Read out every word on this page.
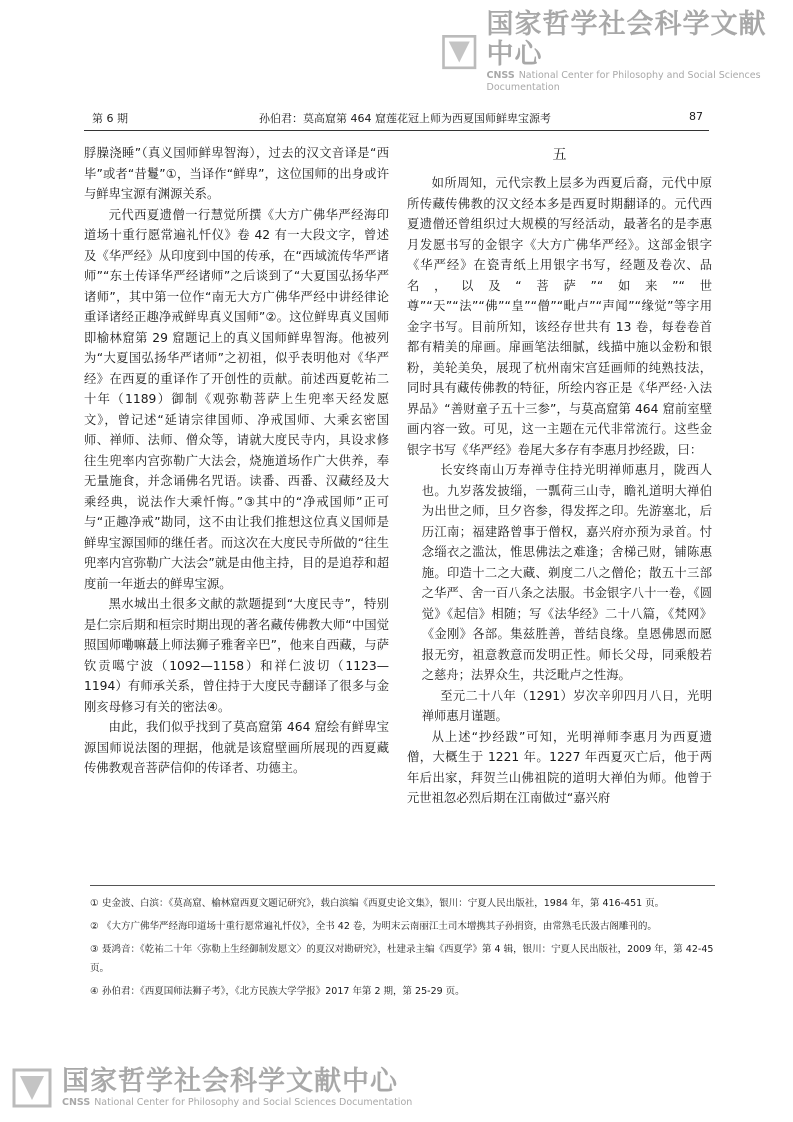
国家哲学社会科学文献中心
CNSS National Center for Philosophy and Social Sciences Documentation
第 6 期	孙伯君：莫高窟第 464 窟莲花冠上师为西夏国师鲜卑宝源考	87

脬臊浇睡”（真义国师鲜卑智海），过去的汉文音译是“西毕”或者“昔鬘”①，当译作“鲜卑”，这位国师的出身或许与鲜卑宝源有渊源关系。

元代西夏遗僧一行慧觉所撰《大方广佛华严经海印道场十重行愿常遍礼忏仪》卷 42 有一大段文字，曾述及《华严经》从印度到中国的传承，在“西域流传华严诸师”“东土传译华严经诸师”之后谈到了“大夏国弘扬华严诸师”，其中第一位作“南无大方广佛华严经中讲经律论重译诸经正趣净戒鲜卑真义国师”②。这位鲜卑真义国师即榆林窟第 29 窟题记上的真义国师鲜卑智海。他被列为“大夏国弘扬华严诸师”之初祖，似乎表明他对《华严经》在西夏的重译作了开创性的贡献。前述西夏乾祐二十年（1189）御制《观弥勒菩萨上生兜率天经发愿文》，曾记述“延请宗律国师、净戒国师、大乘玄密国师、禅师、法师、僧众等，请就大度民寺内，具设求修往生兜率内宫弥勒广大法会，烧施道场作广大供养，奉无量施食，并念诵佛名咒语。读番、西番、汉藏经及大乘经典，说法作大乘忏悔。”③其中的“净戒国师”正可与“正趣净戒”勘同，这不由让我们推想这位真义国师是鲜卑宝源国师的继任者。而这次在大度民寺所做的“往生兜率内宫弥勒广大法会”就是由他主持，目的是追荐和超度前一年逝去的鲜卑宝源。

黑水城出土很多文献的款题提到“大度民寺”，特别是仁宗后期和桓宗时期出现的著名藏传佛教大师“中国觉照国师嘞嘛蕞上师法狮子雅奢辛巴”，他来自西藏，与萨钦贡噶宁波（1092—1158）和祥仁波切（1123—1194）有师承关系，曾住持于大度民寺翻译了很多与金刚亥母修习有关的密法④。

由此，我们似乎找到了莫高窟第 464 窟绘有鲜卑宝源国师说法图的理据，他就是该窟壁画所展现的西夏藏传佛教观音菩萨信仰的传译者、功德主。

五

如所周知，元代宗教上层多为西夏后裔，元代中原所传藏传佛教的汉文经本多是西夏时期翻译的。元代西夏遗僧还曾组织过大规模的写经活动，最著名的是李惠月发愿书写的金银字《大方广佛华严经》。这部金银字《华严经》在瓷青纸上用银字书写，经题及卷次、品名，以及“菩萨”“如来”“世尊”“天”“法”“佛”“皇”“僧”“毗卢”“声闻”“缘觉”等字用金字书写。目前所知，该经存世共有 13 卷，每卷卷首都有精美的扉画。扉画笔法细腻，线描中施以金粉和银粉，美轮美奂，展现了杭州南宋宫廷画师的纯熟技法，同时具有藏传佛教的特征，所绘内容正是《华严经·入法界品》“善财童子五十三参”，与莫高窟第 464 窟前室壁画内容一致。可见，这一主题在元代非常流行。这些金银字书写《华严经》卷尾大多存有李惠月抄经跋，曰：

长安终南山万寿禅寺住持光明禅师惠月，陇西人也。九岁落发披缁，一瓢荷三山寺，瞻礼道明大禅伯为出世之师，旦夕咨参，得发挥之印。先游塞北，后历江南；福建路曾事于僧权，嘉兴府亦预为录首。忖念缁衣之滥汰，惟思佛法之难逢；舍梯己财，铺陈惠施。印造十二之大藏、剃度二八之僧伦；散五十三部之华严、舍一百八条之法服。书金银字八十一卷，《圆觉》《起信》相随；写《法华经》二十八篇，《梵网》《金刚》各部。集兹胜善，普结良缘。皇恩佛恩而愿报无穷，祖意教意而发明正性。师长父母，同乘般若之慈舟；法界众生，共泛毗卢之性海。

至元二十八年（1291）岁次辛卯四月八日，光明禅师惠月谨题。

从上述“抄经跋”可知，光明禅师李惠月为西夏遗僧，大概生于 1221 年。1227 年西夏灭亡后，他于两年后出家，拜贺兰山佛祖院的道明大禅伯为师。他曾于元世祖忽必烈后期在江南做过“嘉兴府

① 史金波、白滨：《莫高窟、榆林窟西夏文题记研究》，载白滨编《西夏史论文集》，银川：宁夏人民出版社，1984 年，第 416-451 页。

② 《大方广佛华严经海印道场十重行愿常遍礼忏仪》，全书 42 卷，为明末云南丽江土司木增携其子孙捐资，由常熟毛氏汲古阁雕刊的。

③ 聂鸿音：《乾祐二十年〈弥勒上生经御制发愿文〉的夏汉对勘研究》，杜建录主编《西夏学》第 4 辑，银川：宁夏人民出版社，2009 年，第 42-45 页。

④ 孙伯君：《西夏国师法狮子考》，《北方民族大学学报》2017 年第 2 期，第 25-29 页。

国家哲学社会科学文献中心
CNSS National Center for Philosophy and Social Sciences Documentation
